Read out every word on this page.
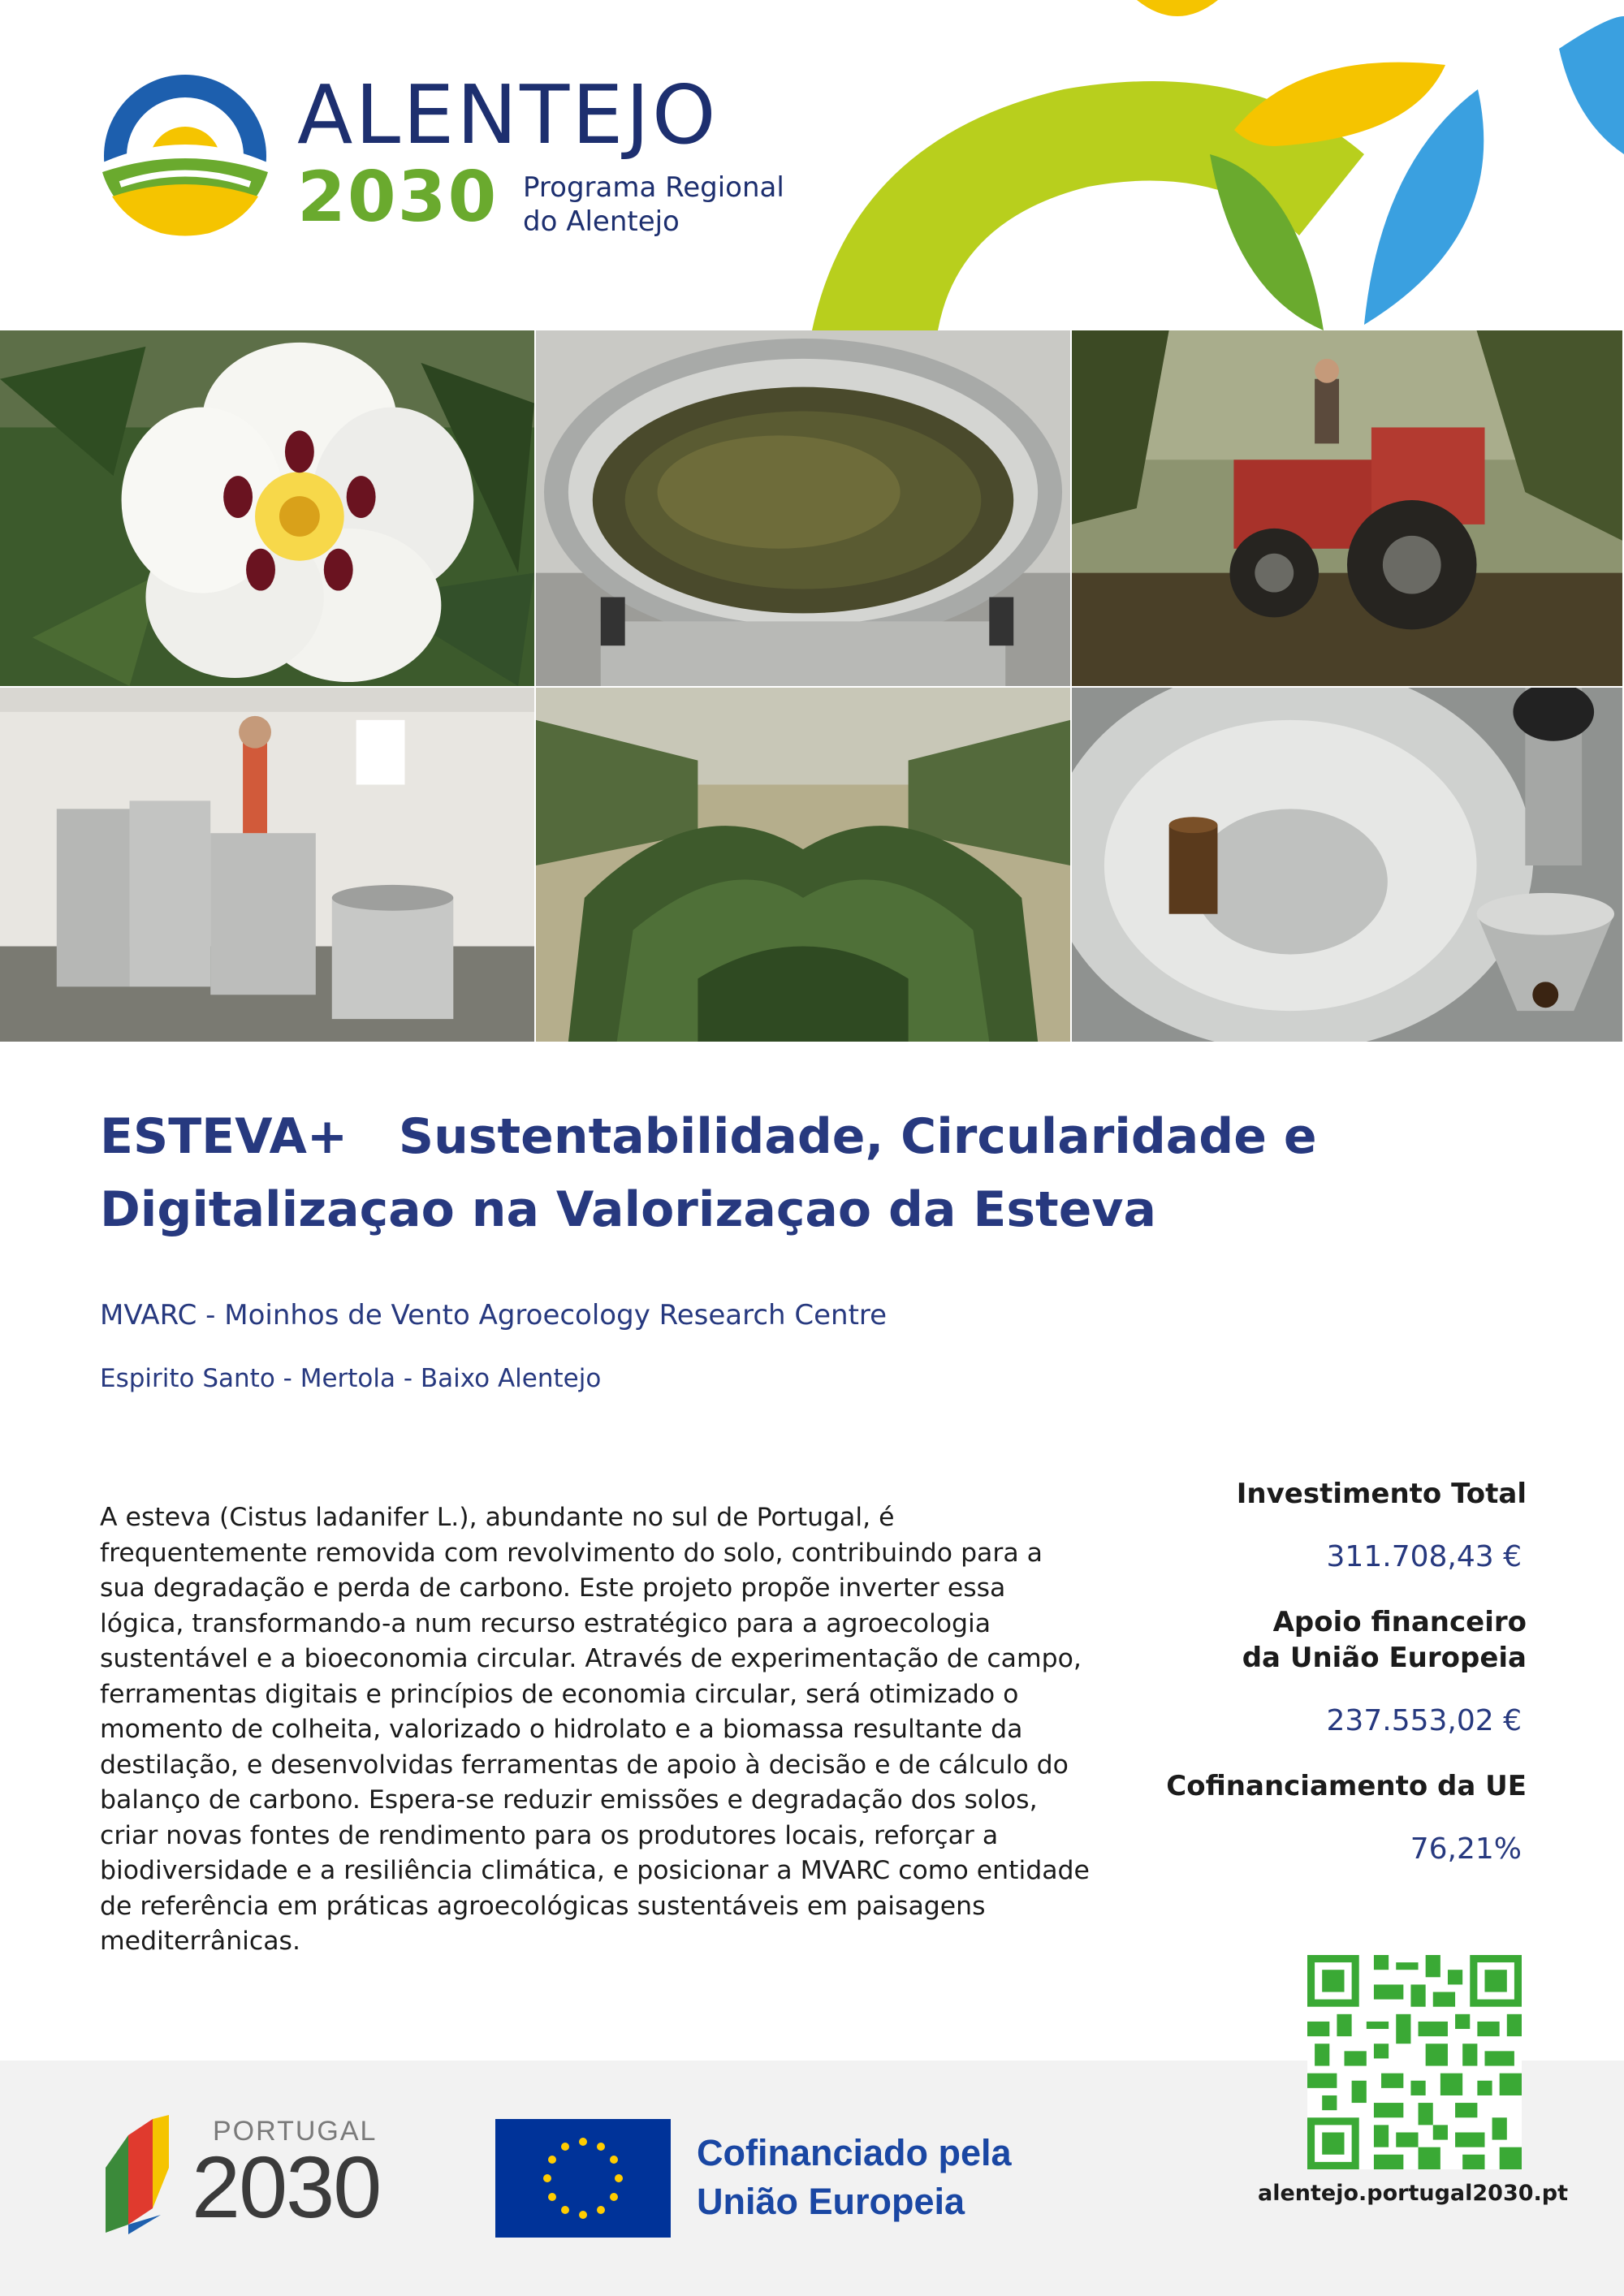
ALENTEJO
2030 Programa Regional do Alentejo
ESTEVA+   Sustentabilidade, Circularidade e
Digitalizaçao na Valorizaçao da Esteva
MVARC - Moinhos de Vento Agroecology Research Centre
Espirito Santo - Mertola - Baixo Alentejo
A esteva (Cistus ladanifer L.), abundante no sul de Portugal, é frequentemente removida com revolvimento do solo, contribuindo para a sua degradação e perda de carbono. Este projeto propõe inverter essa lógica, transformando-a num recurso estratégico para a agroecologia sustentável e a bioeconomia circular. Através de experimentação de campo, ferramentas digitais e princípios de economia circular, será otimizado o momento de colheita, valorizado o hidrolato e a biomassa resultante da destilação, e desenvolvidas ferramentas de apoio à decisão e de cálculo do balanço de carbono. Espera-se reduzir emissões e degradação dos solos, criar novas fontes de rendimento para os produtores locais, reforçar a biodiversidade e a resiliência climática, e posicionar a MVARC como entidade de referência em práticas agroecológicas sustentáveis em paisagens mediterrânicas.
Investimento Total
311.708,43 €
Apoio financeiro
da União Europeia
237.553,02 €
Cofinanciamento da UE
76,21%
alentejo.portugal2030.pt
PORTUGAL
2030	Cofinanciado pela
União Europeia
